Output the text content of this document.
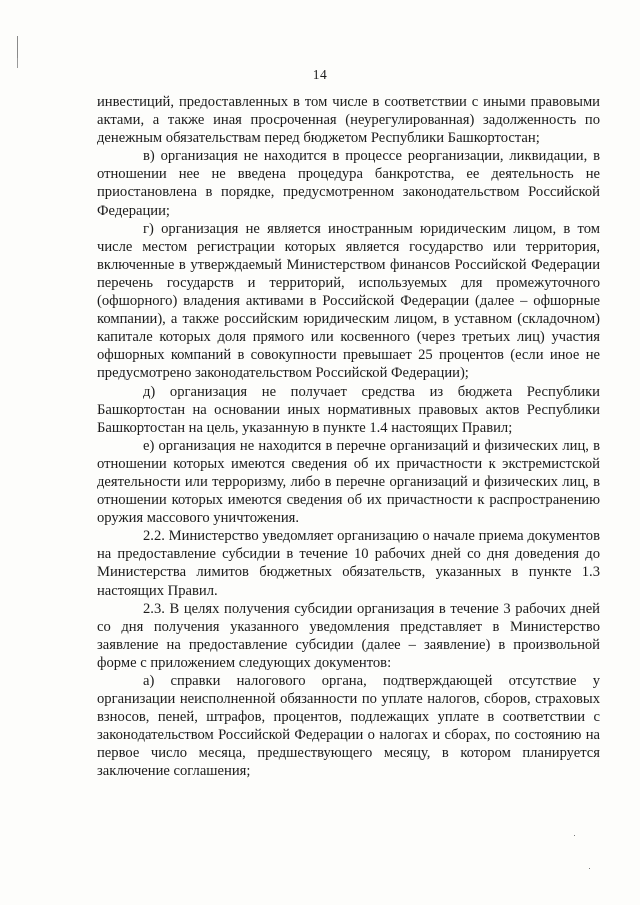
14

инвестиций, предоставленных в том числе в соответствии с иными правовыми актами, а также иная просроченная (неурегулированная) задолженность по денежным обязательствам перед бюджетом Республики Башкортостан;

в) организация не находится в процессе реорганизации, ликвидации, в отношении нее не введена процедура банкротства, ее деятельность не приостановлена в порядке, предусмотренном законодательством Российской Федерации;

г) организация не является иностранным юридическим лицом, в том числе местом регистрации которых является государство или территория, включенные в утверждаемый Министерством финансов Российской Федерации перечень государств и территорий, используемых для промежуточного (офшорного) владения активами в Российской Федерации (далее – офшорные компании), а также российским юридическим лицом, в уставном (складочном) капитале которых доля прямого или косвенного (через третьих лиц) участия офшорных компаний в совокупности превышает 25 процентов (если иное не предусмотрено законодательством Российской Федерации);

д) организация не получает средства из бюджета Республики Башкортостан на основании иных нормативных правовых актов Республики Башкортостан на цель, указанную в пункте 1.4 настоящих Правил;

е) организация не находится в перечне организаций и физических лиц, в отношении которых имеются сведения об их причастности к экстремистской деятельности или терроризму, либо в перечне организаций и физических лиц, в отношении которых имеются сведения об их причастности к распространению оружия массового уничтожения.

2.2. Министерство уведомляет организацию о начале приема документов на предоставление субсидии в течение 10 рабочих дней со дня доведения до Министерства лимитов бюджетных обязательств, указанных в пункте 1.3 настоящих Правил.

2.3. В целях получения субсидии организация в течение 3 рабочих дней со дня получения указанного уведомления представляет в Министерство заявление на предоставление субсидии (далее – заявление) в произвольной форме с приложением следующих документов:

а) справки налогового органа, подтверждающей отсутствие у организации неисполненной обязанности по уплате налогов, сборов, страховых взносов, пеней, штрафов, процентов, подлежащих уплате в соответствии с законодательством Российской Федерации о налогах и сборах, по состоянию на первое число месяца, предшествующего месяцу, в котором планируется заключение соглашения;
